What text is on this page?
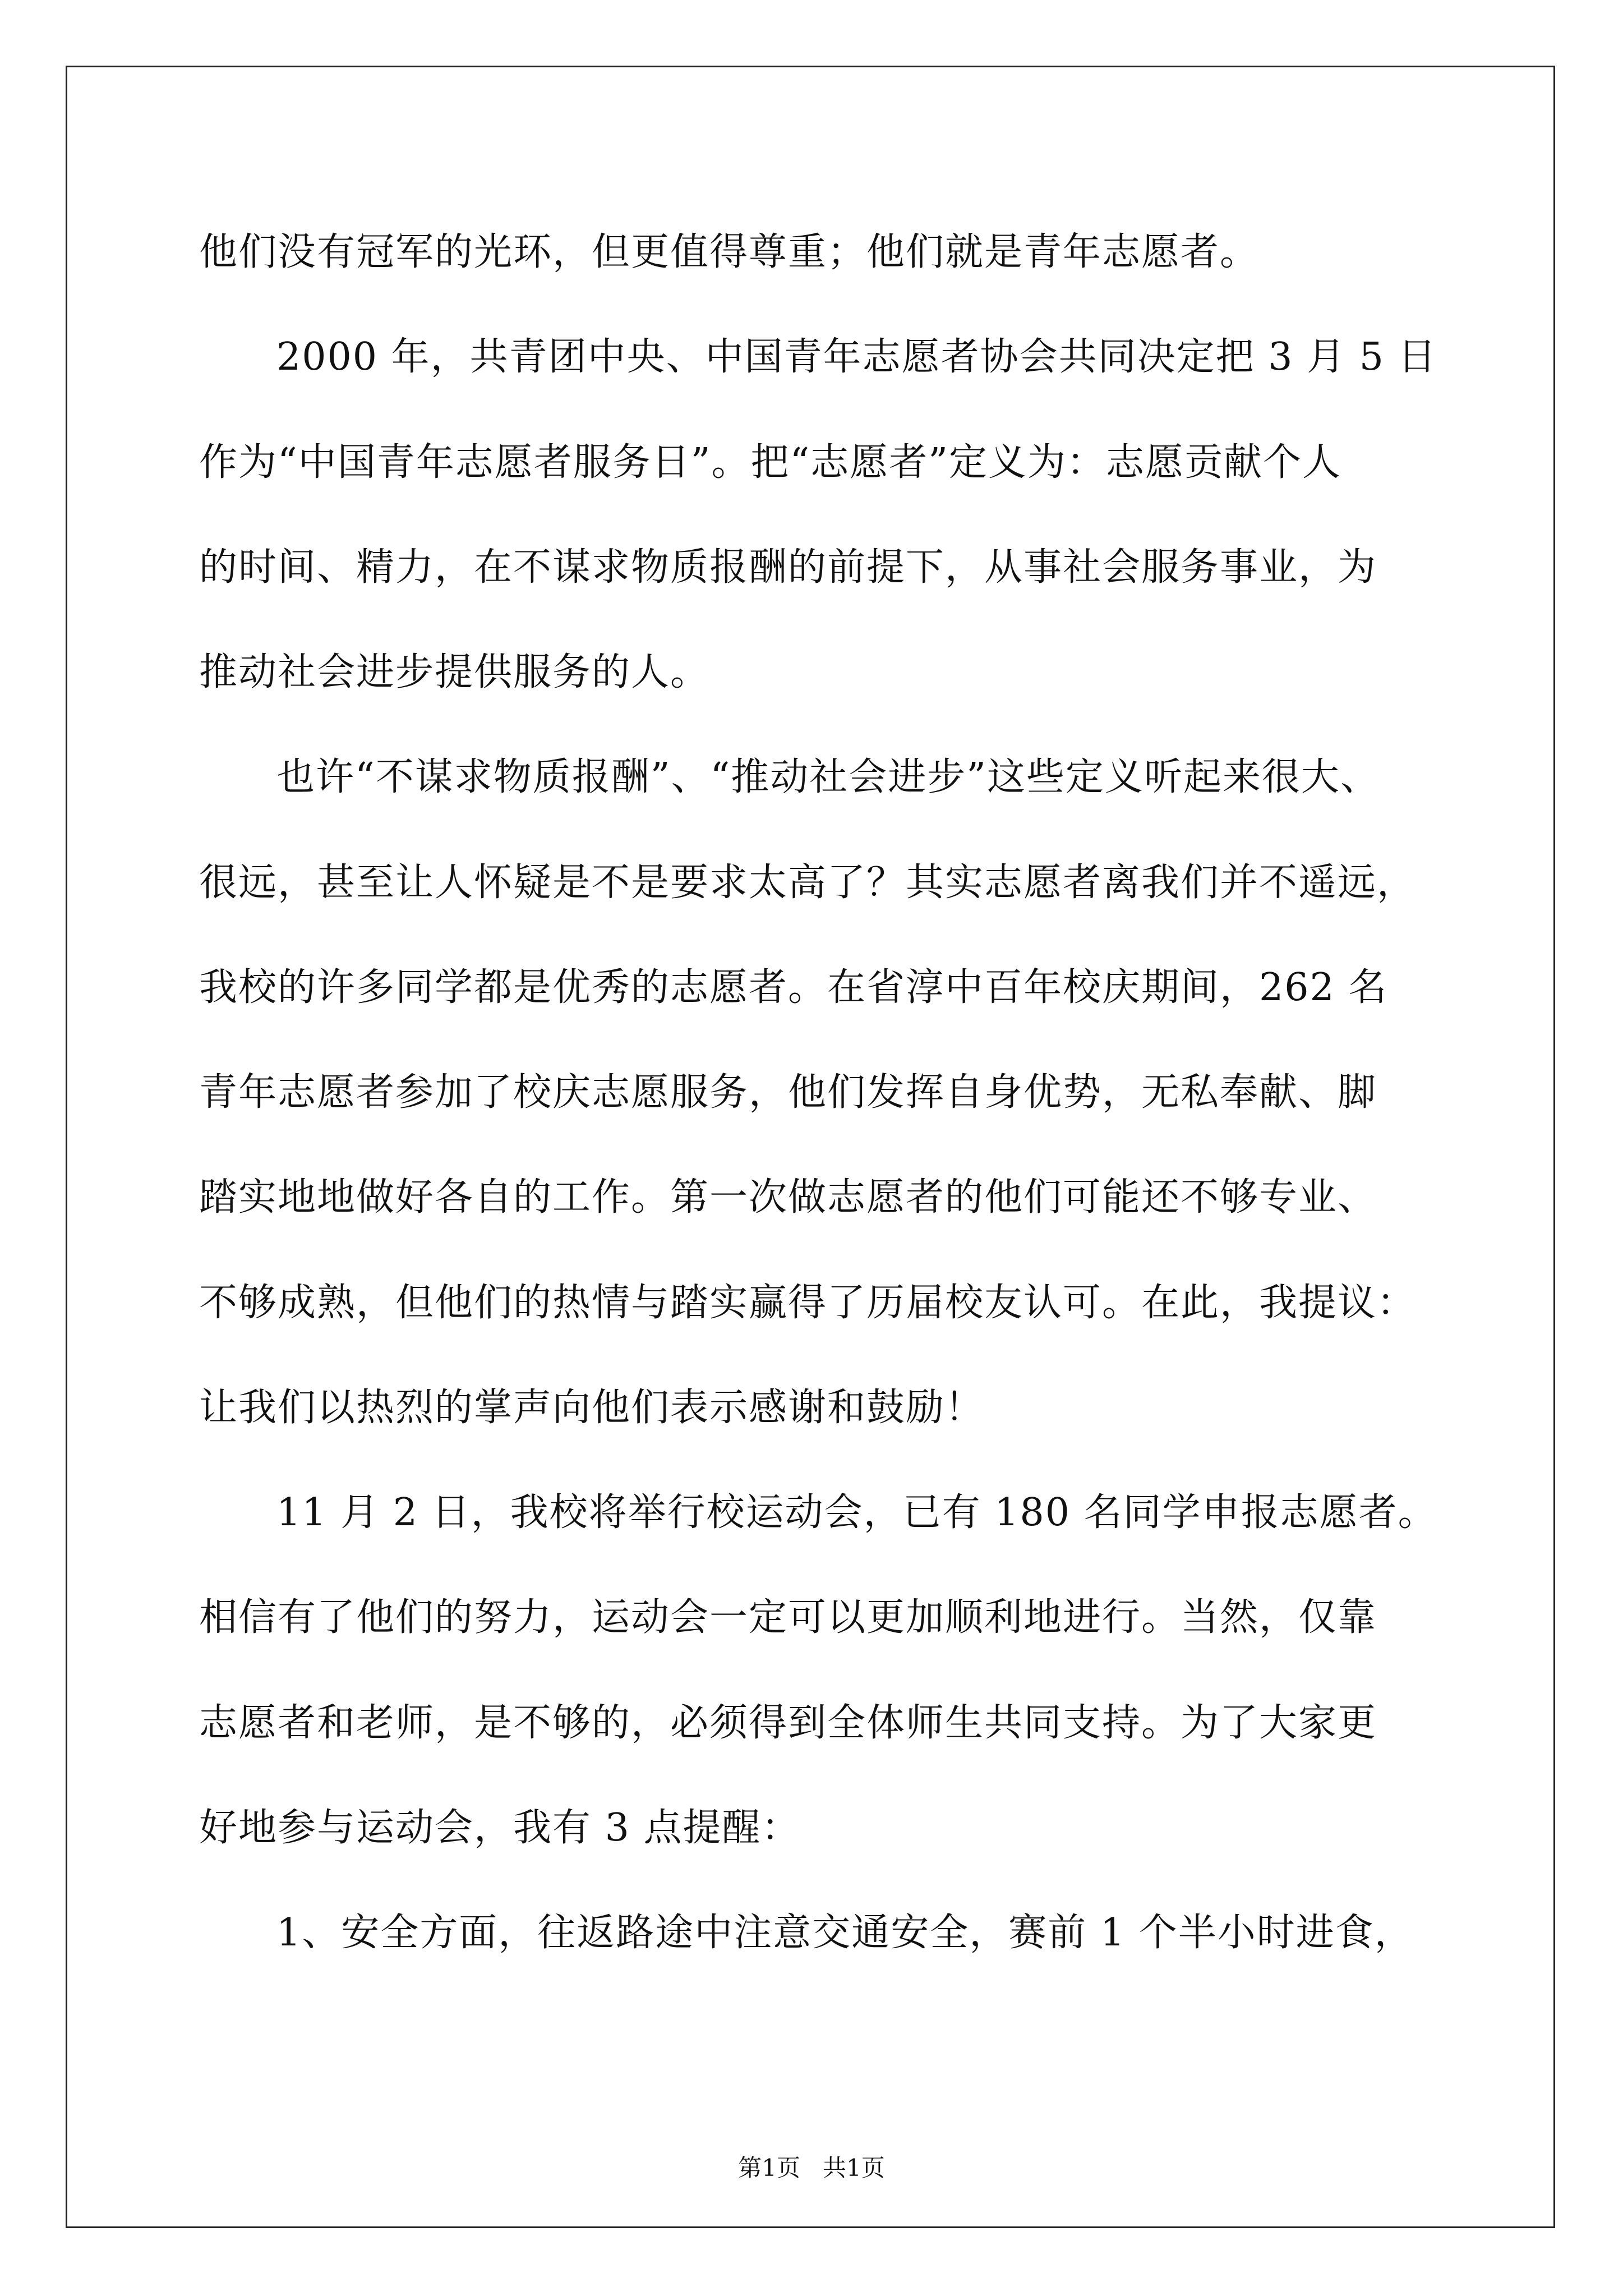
他们没有冠军的光环，但更值得尊重；他们就是青年志愿者。
2000 年，共青团中央、中国青年志愿者协会共同决定把 3 月 5 日
作为“中国青年志愿者服务日”。把“志愿者”定义为：志愿贡献个人
的时间、精力，在不谋求物质报酬的前提下，从事社会服务事业，为
推动社会进步提供服务的人。
也许“不谋求物质报酬”、“推动社会进步”这些定义听起来很大、
很远，甚至让人怀疑是不是要求太高了？其实志愿者离我们并不遥远，
我校的许多同学都是优秀的志愿者。在省淳中百年校庆期间，262 名
青年志愿者参加了校庆志愿服务，他们发挥自身优势，无私奉献、脚
踏实地地做好各自的工作。第一次做志愿者的他们可能还不够专业、
不够成熟，但他们的热情与踏实赢得了历届校友认可。在此，我提议：
让我们以热烈的掌声向他们表示感谢和鼓励！
11 月 2 日，我校将举行校运动会，已有 180 名同学申报志愿者。
相信有了他们的努力，运动会一定可以更加顺利地进行。当然，仅靠
志愿者和老师，是不够的，必须得到全体师生共同支持。为了大家更
好地参与运动会，我有 3 点提醒：
1、安全方面，往返路途中注意交通安全，赛前 1 个半小时进食，
第1页   共1页
